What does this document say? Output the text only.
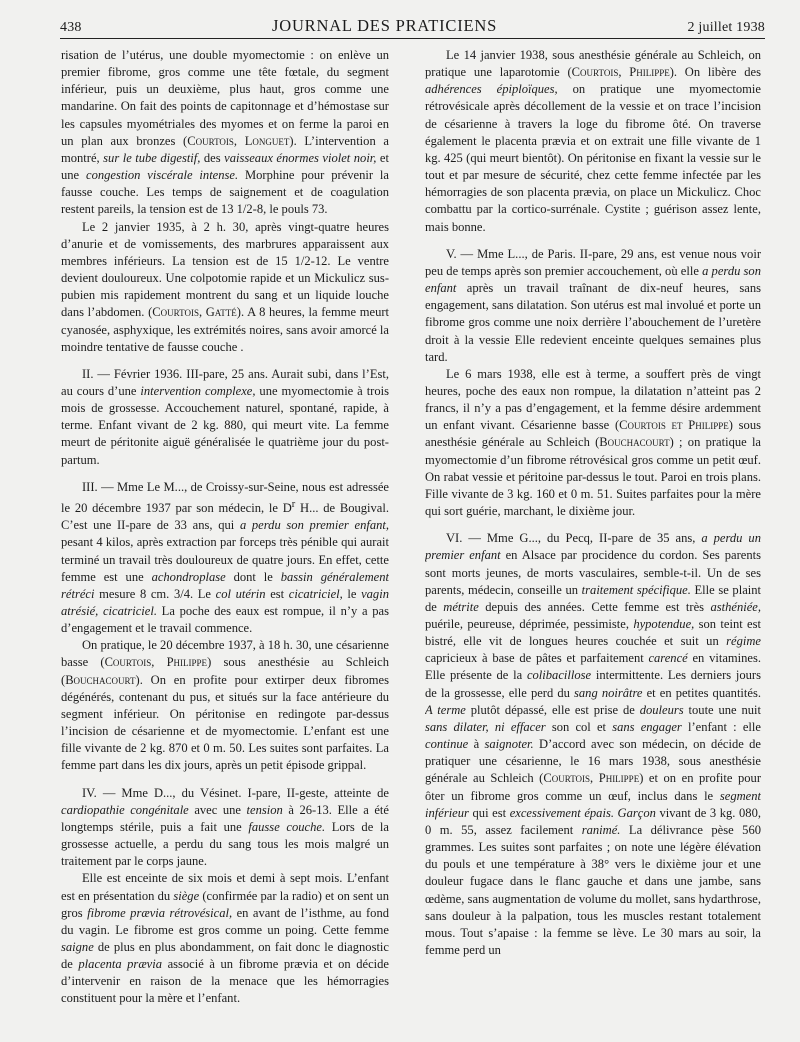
438	JOURNAL DES PRATICIENS	2 juillet 1938

risation de l’utérus, une double myomectomie : on enlève un premier fibrome, gros comme une tête fœtale, du segment inférieur, puis un deuxième, plus haut, gros comme une mandarine. On fait des points de capitonnage et d’hémostase sur les capsules myométriales des myomes et on ferme la paroi en un plan aux bronzes (Courtois, Longuet). L’intervention a montré, sur le tube digestif, des vaisseaux énormes violet noir, et une congestion viscérale intense. Morphine pour prévenir la fausse couche. Les temps de saignement et de coagulation restent pareils, la tension est de 13 1/2-8, le pouls 73.

Le 2 janvier 1935, à 2 h. 30, après vingt-quatre heures d’anurie et de vomissements, des marbrures apparaissent aux membres inférieurs. La tension est de 15 1/2-12. Le ventre devient douloureux. Une colpotomie rapide et un Mickulicz sus-pubien mis rapidement montrent du sang et un liquide louche dans l’abdomen. (Courtois, Gatté). A 8 heures, la femme meurt cyanosée, asphyxique, les extrémités noires, sans avoir amorcé la moindre tentative de fausse couche .

II. — Février 1936. III-pare, 25 ans. Aurait subi, dans l’Est, au cours d’une intervention complexe, une myomectomie à trois mois de grossesse. Accouchement naturel, spontané, rapide, à terme. Enfant vivant de 2 kg. 880, qui meurt vite. La femme meurt de péritonite aiguë généralisée le quatrième jour du post-partum.

III. — Mme Le M..., de Croissy-sur-Seine, nous est adressée le 20 décembre 1937 par son médecin, le $D^r$ H... de Bougival. C’est une II-pare de 33 ans, qui a perdu son premier enfant, pesant 4 kilos, après extraction par forceps très pénible qui aurait terminé un travail très douloureux de quatre jours. En effet, cette femme est une achondroplase dont le bassin généralement rétréci mesure 8 cm. 3/4. Le col utérin est cicatriciel, le vagin atrésié, cicatriciel. La poche des eaux est rompue, il n’y a pas d’engagement et le travail commence.

On pratique, le 20 décembre 1937, à 18 h. 30, une césarienne basse (Courtois, Philippe) sous anesthésie au Schleich (Bouchacourt). On en profite pour extirper deux fibromes dégénérés, contenant du pus, et situés sur la face antérieure du segment inférieur. On péritonise en redingote par-dessus l’incision de césarienne et de myomectomie. L’enfant est une fille vivante de 2 kg. 870 et 0 m. 50. Les suites sont parfaites. La femme part dans les dix jours, après un petit épisode grippal.

IV. — Mme D..., du Vésinet. I-pare, II-geste, atteinte de cardiopathie congénitale avec une tension à 26-13. Elle a été longtemps stérile, puis a fait une fausse couche. Lors de la grossesse actuelle, a perdu du sang tous les mois malgré un traitement par le corps jaune.

Elle est enceinte de six mois et demi à sept mois. L’enfant est en présentation du siège (confirmée par la radio) et on sent un gros fibrome prævia rétrovésical, en avant de l’isthme, au fond du vagin. Le fibrome est gros comme un poing. Cette femme saigne de plus en plus abondamment, on fait donc le diagnostic de placenta prævia associé à un fibrome prævia et on décide d’intervenir en raison de la menace que les hémorragies constituent pour la mère et l’enfant.

Le 14 janvier 1938, sous anesthésie générale au Schleich, on pratique une laparotomie (Courtois, Philippe). On libère des adhérences épiploïques, on pratique une myomectomie rétrovésicale après décollement de la vessie et on trace l’incision de césarienne à travers la loge du fibrome ôté. On traverse également le placenta prævia et on extrait une fille vivante de 1 kg. 425 (qui meurt bientôt). On péritonise en fixant la vessie sur le tout et par mesure de sécurité, chez cette femme infectée par les hémorragies de son placenta prævia, on place un Mickulicz. Choc combattu par la cortico-surrénale. Cystite ; guérison assez lente, mais bonne.

V. — Mme L..., de Paris. II-pare, 29 ans, est venue nous voir peu de temps après son premier accouchement, où elle a perdu son enfant après un travail traînant de dix-neuf heures, sans engagement, sans dilatation. Son utérus est mal involué et porte un fibrome gros comme une noix derrière l’abouchement de l’uretère droit à la vessie Elle redevient enceinte quelques semaines plus tard.

Le 6 mars 1938, elle est à terme, a souffert près de vingt heures, poche des eaux non rompue, la dilatation n’atteint pas 2 francs, il n’y a pas d’engagement, et la femme désire ardemment un enfant vivant. Césarienne basse (Courtois et Philippe) sous anesthésie générale au Schleich (Bouchacourt) ; on pratique la myomectomie d’un fibrome rétrovésical gros comme un petit œuf. On rabat vessie et péritoine par-dessus le tout. Paroi en trois plans. Fille vivante de 3 kg. 160 et 0 m. 51. Suites parfaites pour la mère qui sort guérie, marchant, le dixième jour.

VI. — Mme G..., du Pecq, II-pare de 35 ans, a perdu un premier enfant en Alsace par procidence du cordon. Ses parents sont morts jeunes, de morts vasculaires, semble-t-il. Un de ses parents, médecin, conseille un traitement spécifique. Elle se plaint de métrite depuis des années. Cette femme est très asthéniée, puérile, peureuse, déprimée, pessimiste, hypotendue, son teint est bistré, elle vit de longues heures couchée et suit un régime capricieux à base de pâtes et parfaitement carencé en vitamines. Elle présente de la colibacillose intermittente. Les derniers jours de la grossesse, elle perd du sang noirâtre et en petites quantités. A terme plutôt dépassé, elle est prise de douleurs toute une nuit sans dilater, ni effacer son col et sans engager l’enfant : elle continue à saignoter. D’accord avec son médecin, on décide de pratiquer une césarienne, le 16 mars 1938, sous anesthésie générale au Schleich (Courtois, Philippe) et on en profite pour ôter un fibrome gros comme un œuf, inclus dans le segment inférieur qui est excessivement épais. Garçon vivant de 3 kg. 080, 0 m. 55, assez facilement ranimé. La délivrance pèse 560 grammes. Les suites sont parfaites ; on note une légère élévation du pouls et une température à 38° vers le dixième jour et une douleur fugace dans le flanc gauche et dans une jambe, sans œdème, sans augmentation de volume du mollet, sans hydarthrose, sans douleur à la palpation, tous les muscles restant totalement mous. Tout s’apaise : la femme se lève. Le 30 mars au soir, la femme perd un
